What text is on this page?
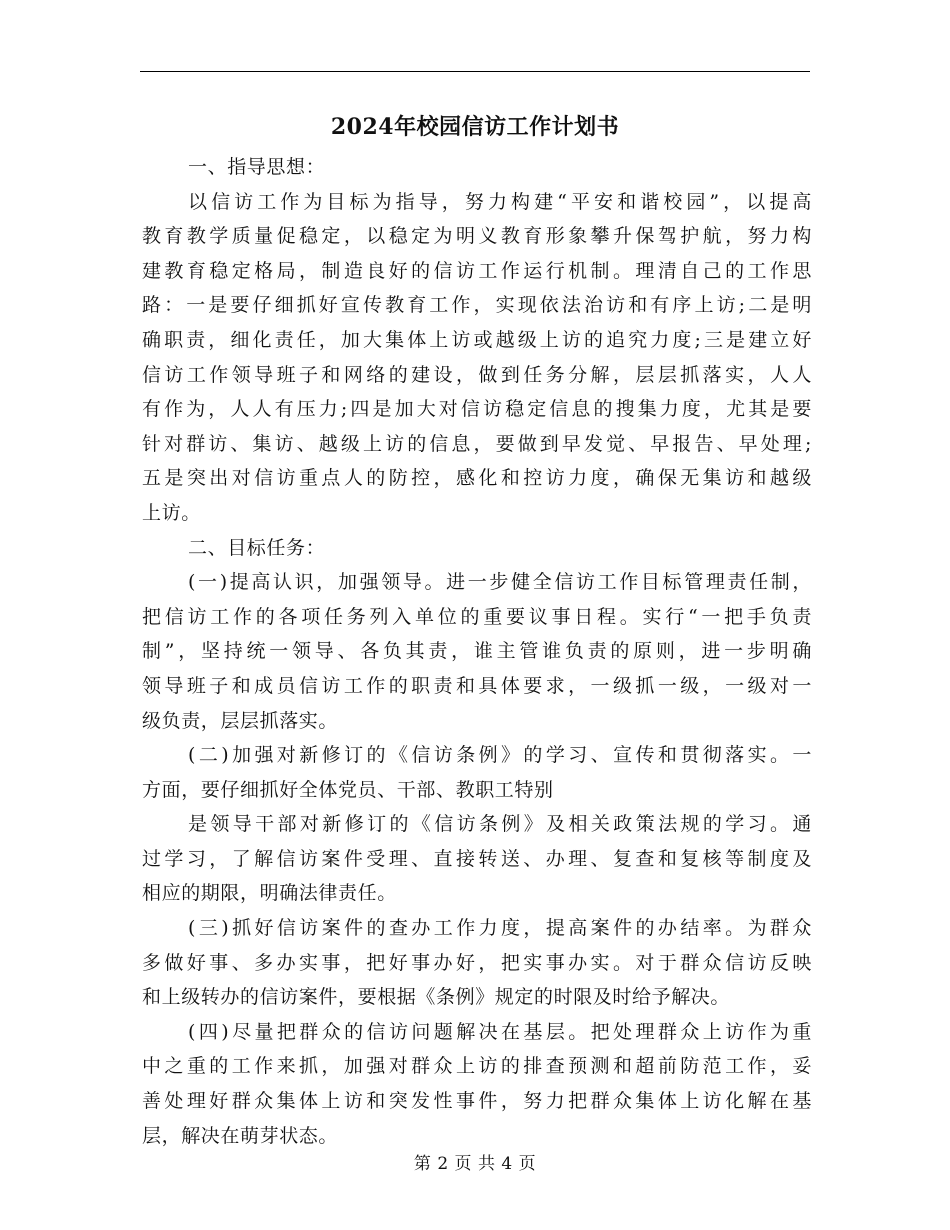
2024年校园信访工作计划书
一、指导思想：
以信访工作为目标为指导，努力构建“平安和谐校园”，以提高
教育教学质量促稳定，以稳定为明义教育形象攀升保驾护航，努力构
建教育稳定格局，制造良好的信访工作运行机制。理清自己的工作思
路：一是要仔细抓好宣传教育工作，实现依法治访和有序上访;二是明
确职责，细化责任，加大集体上访或越级上访的追究力度;三是建立好
信访工作领导班子和网络的建设，做到任务分解，层层抓落实，人人
有作为，人人有压力;四是加大对信访稳定信息的搜集力度，尤其是要
针对群访、集访、越级上访的信息，要做到早发觉、早报告、早处理;
五是突出对信访重点人的防控，感化和控访力度，确保无集访和越级
上访。
二、目标任务：
(一)提高认识，加强领导。进一步健全信访工作目标管理责任制，
把信访工作的各项任务列入单位的重要议事日程。实行“一把手负责
制”，坚持统一领导、各负其责，谁主管谁负责的原则，进一步明确
领导班子和成员信访工作的职责和具体要求，一级抓一级，一级对一
级负责，层层抓落实。
(二)加强对新修订的《信访条例》的学习、宣传和贯彻落实。一
方面，要仔细抓好全体党员、干部、教职工特别
是领导干部对新修订的《信访条例》及相关政策法规的学习。通
过学习，了解信访案件受理、直接转送、办理、复查和复核等制度及
相应的期限，明确法律责任。
(三)抓好信访案件的查办工作力度，提高案件的办结率。为群众
多做好事、多办实事，把好事办好，把实事办实。对于群众信访反映
和上级转办的信访案件，要根据《条例》规定的时限及时给予解决。
(四)尽量把群众的信访问题解决在基层。把处理群众上访作为重
中之重的工作来抓，加强对群众上访的排查预测和超前防范工作，妥
善处理好群众集体上访和突发性事件，努力把群众集体上访化解在基
层，解决在萌芽状态。
第 2 页 共 4 页
